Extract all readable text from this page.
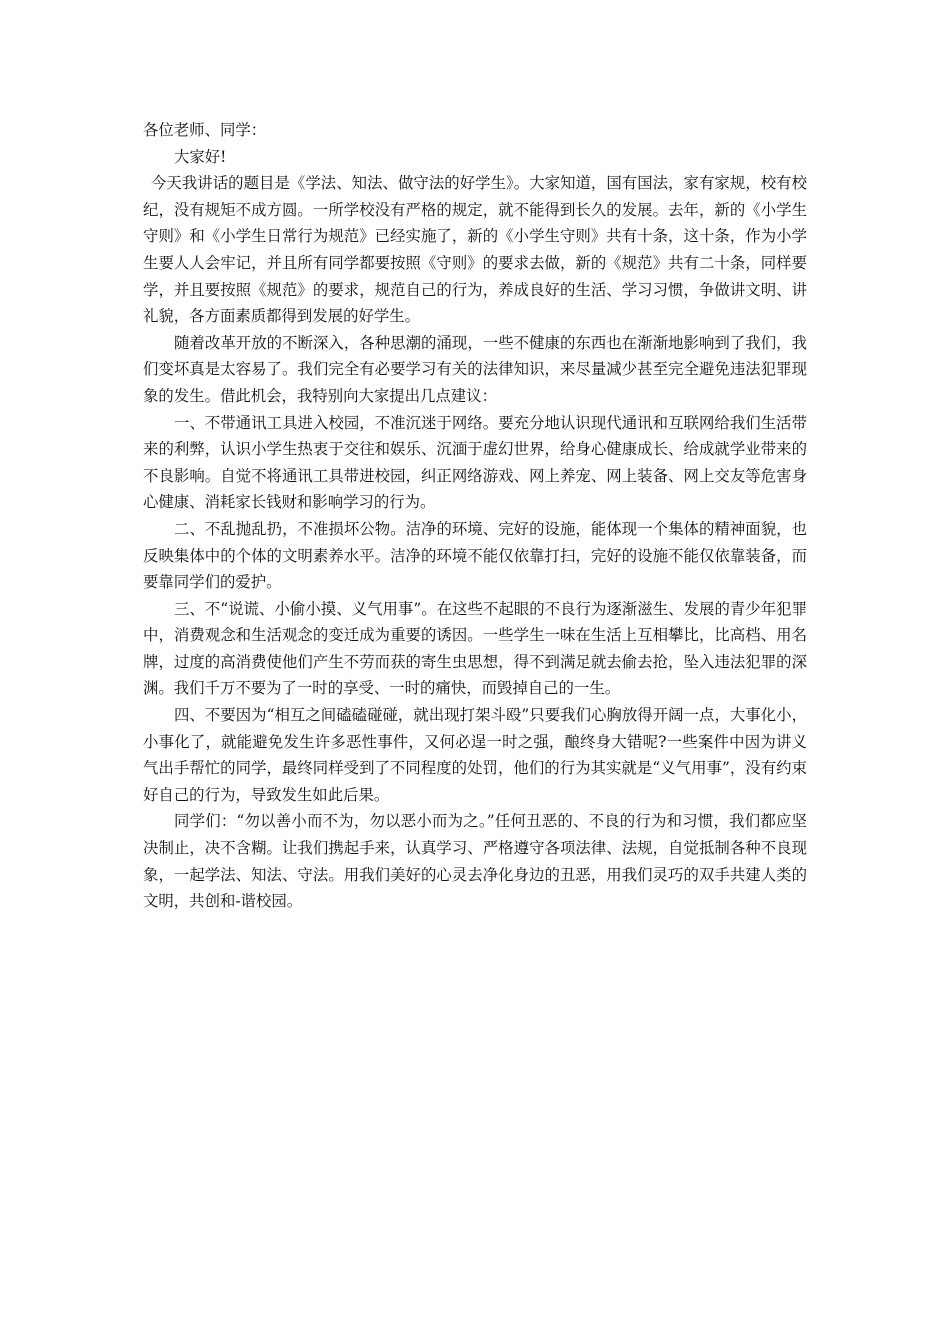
各位老师、同学：

大家好!

今天我讲话的题目是《学法、知法、做守法的好学生》。大家知道，国有国法，家有家规，校有校纪，没有规矩不成方圆。一所学校没有严格的规定，就不能得到长久的发展。去年，新的《小学生守则》和《小学生日常行为规范》已经实施了，新的《小学生守则》共有十条，这十条，作为小学生要人人会牢记，并且所有同学都要按照《守则》的要求去做，新的《规范》共有二十条，同样要学，并且要按照《规范》的要求，规范自己的行为，养成良好的生活、学习习惯，争做讲文明、讲礼貌，各方面素质都得到发展的好学生。

随着改革开放的不断深入，各种思潮的涌现，一些不健康的东西也在渐渐地影响到了我们，我们变坏真是太容易了。我们完全有必要学习有关的法律知识，来尽量减少甚至完全避免违法犯罪现象的发生。借此机会，我特别向大家提出几点建议：

一、不带通讯工具进入校园，不准沉迷于网络。要充分地认识现代通讯和互联网给我们生活带来的利弊，认识小学生热衷于交往和娱乐、沉湎于虚幻世界，给身心健康成长、给成就学业带来的不良影响。自觉不将通讯工具带进校园，纠正网络游戏、网上养宠、网上装备、网上交友等危害身心健康、消耗家长钱财和影响学习的行为。

二、不乱抛乱扔，不准损坏公物。洁净的环境、完好的设施，能体现一个集体的精神面貌，也反映集体中的个体的文明素养水平。洁净的环境不能仅依靠打扫，完好的设施不能仅依靠装备，而要靠同学们的爱护。

三、不“说谎、小偷小摸、义气用事”。在这些不起眼的不良行为逐渐滋生、发展的青少年犯罪中，消费观念和生活观念的变迁成为重要的诱因。一些学生一味在生活上互相攀比，比高档、用名牌，过度的高消费使他们产生不劳而获的寄生虫思想，得不到满足就去偷去抢，坠入违法犯罪的深渊。我们千万不要为了一时的享受、一时的痛快，而毁掉自己的一生。

四、不要因为“相互之间磕磕碰碰，就出现打架斗殴”只要我们心胸放得开阔一点，大事化小，小事化了，就能避免发生许多恶性事件，又何必逞一时之强，酿终身大错呢?一些案件中因为讲义气出手帮忙的同学，最终同样受到了不同程度的处罚，他们的行为其实就是“义气用事”，没有约束好自己的行为，导致发生如此后果。

同学们：“勿以善小而不为，勿以恶小而为之。”任何丑恶的、不良的行为和习惯，我们都应坚决制止，决不含糊。让我们携起手来，认真学习、严格遵守各项法律、法规，自觉抵制各种不良现象，一起学法、知法、守法。用我们美好的心灵去净化身边的丑恶，用我们灵巧的双手共建人类的文明，共创和-谐校园。
